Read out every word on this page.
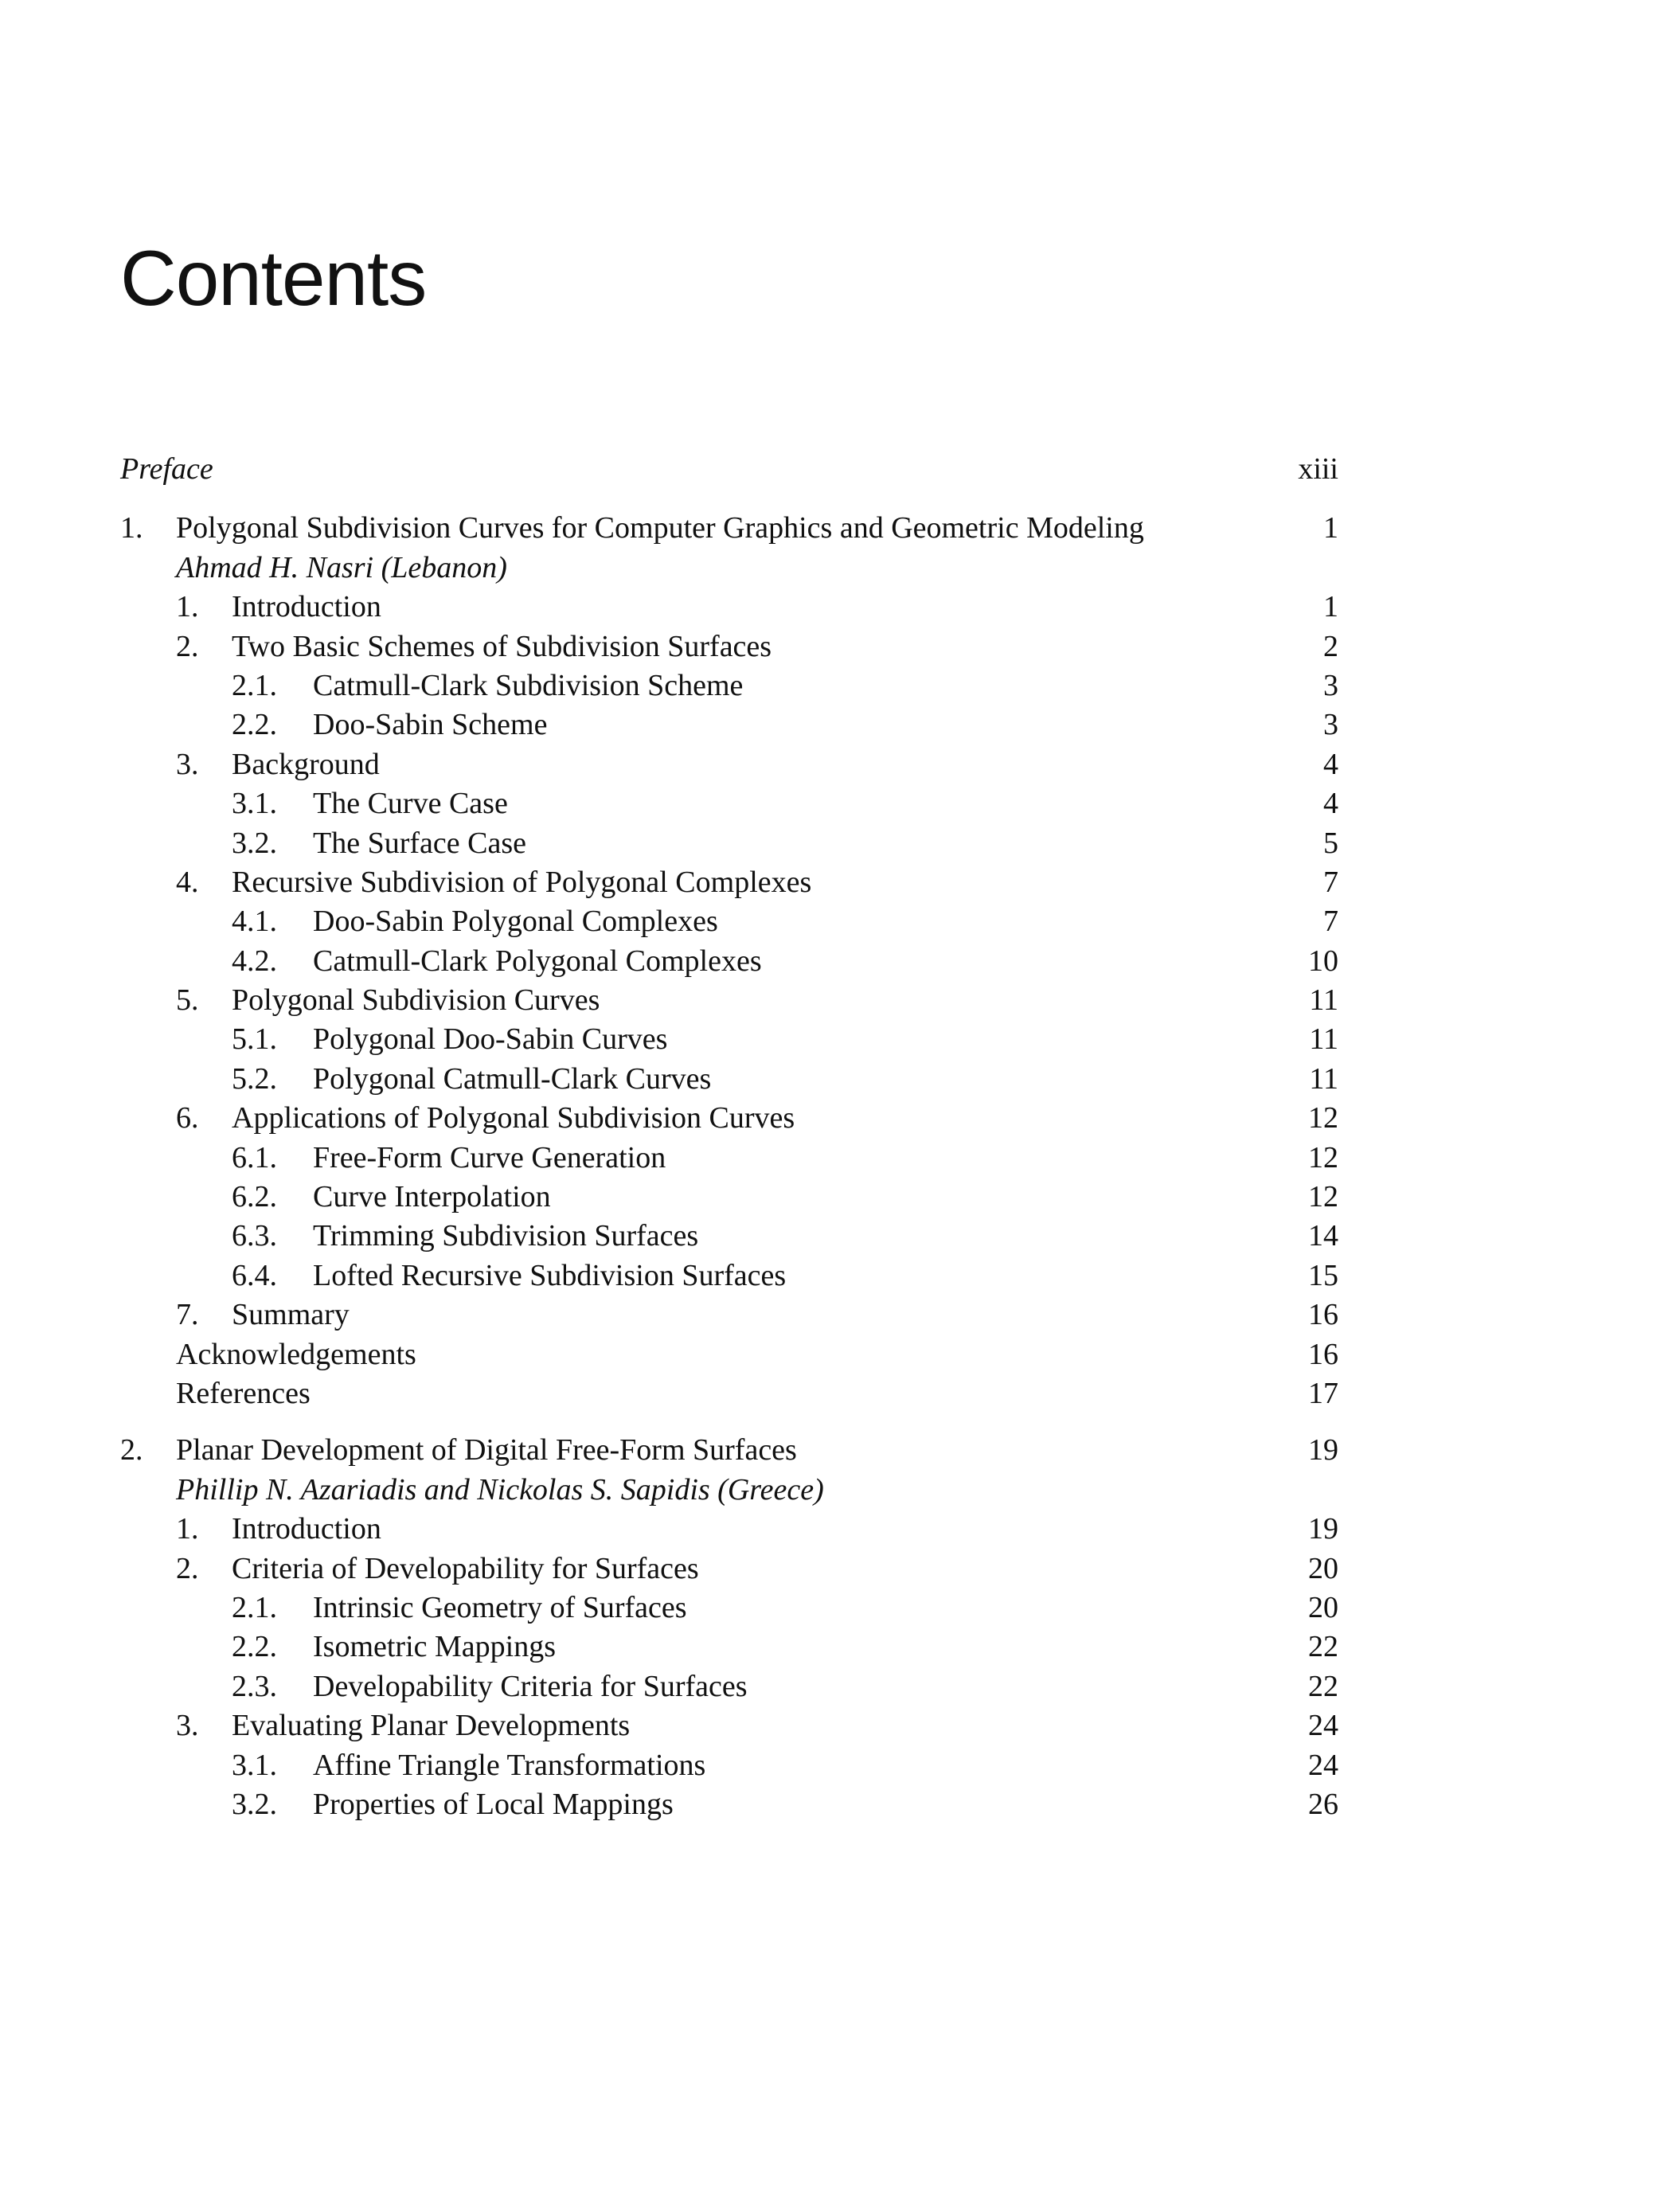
Contents
Preface	xiii
1. Polygonal Subdivision Curves for Computer Graphics and Geometric Modeling	1
Ahmad H. Nasri (Lebanon)
1. Introduction	1
2. Two Basic Schemes of Subdivision Surfaces	2
2.1. Catmull-Clark Subdivision Scheme	3
2.2. Doo-Sabin Scheme	3
3. Background	4
3.1. The Curve Case	4
3.2. The Surface Case	5
4. Recursive Subdivision of Polygonal Complexes	7
4.1. Doo-Sabin Polygonal Complexes	7
4.2. Catmull-Clark Polygonal Complexes	10
5. Polygonal Subdivision Curves	11
5.1. Polygonal Doo-Sabin Curves	11
5.2. Polygonal Catmull-Clark Curves	11
6. Applications of Polygonal Subdivision Curves	12
6.1. Free-Form Curve Generation	12
6.2. Curve Interpolation	12
6.3. Trimming Subdivision Surfaces	14
6.4. Lofted Recursive Subdivision Surfaces	15
7. Summary	16
Acknowledgements	16
References	17
2. Planar Development of Digital Free-Form Surfaces	19
Phillip N. Azariadis and Nickolas S. Sapidis (Greece)
1. Introduction	19
2. Criteria of Developability for Surfaces	20
2.1. Intrinsic Geometry of Surfaces	20
2.2. Isometric Mappings	22
2.3. Developability Criteria for Surfaces	22
3. Evaluating Planar Developments	24
3.1. Affine Triangle Transformations	24
3.2. Properties of Local Mappings	26
